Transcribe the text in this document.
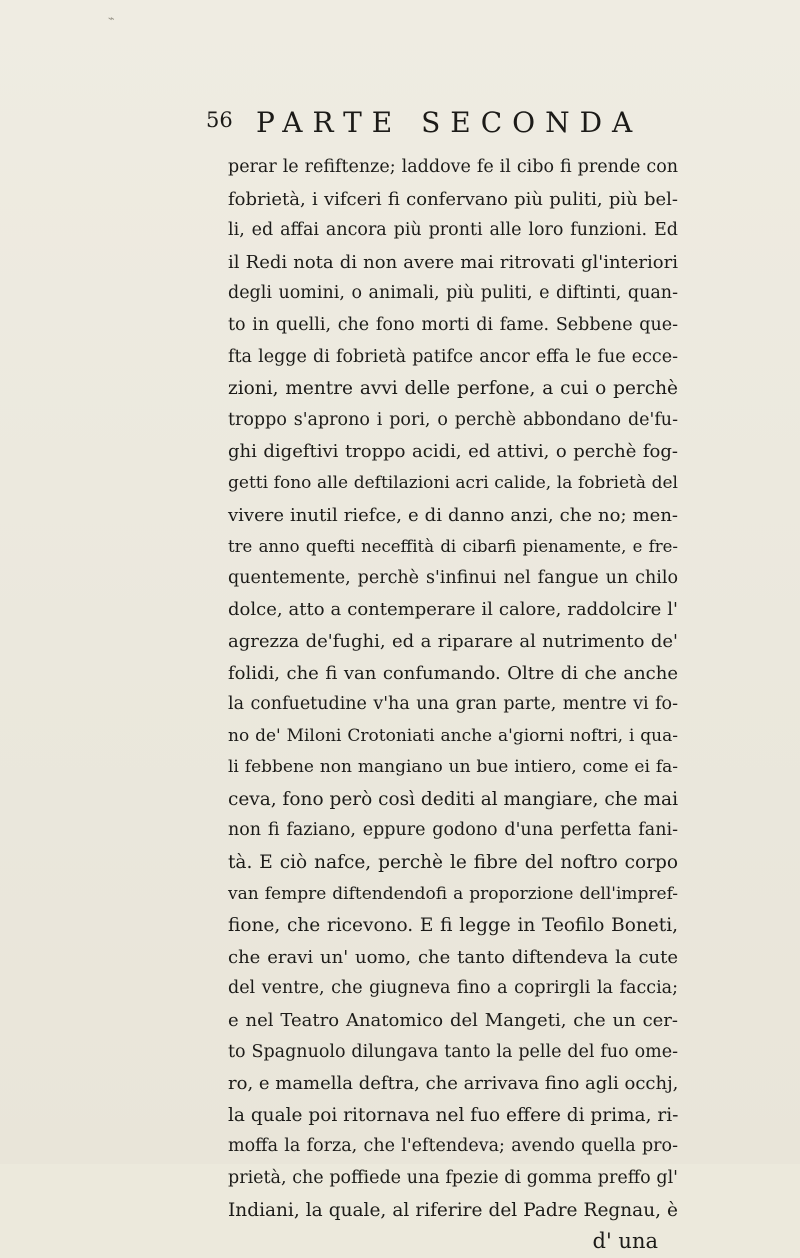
⌁
56 PARTE SECONDA
perar le refiftenze; laddove fe il cibo fi prende con
fobrietà, i vifceri fi confervano più puliti, più bel-
li, ed affai ancora più pronti alle loro funzioni. Ed
il Redi nota di non avere mai ritrovati gl'interiori
degli uomini, o animali, più puliti, e diftinti, quan-
to in quelli, che fono morti di fame. Sebbene que-
fta legge di fobrietà patifce ancor effa le fue ecce-
zioni, mentre avvi delle perfone, a cui o perchè
troppo s'aprono i pori, o perchè abbondano de'fu-
ghi digeftivi troppo acidi, ed attivi, o perchè fog-
getti fono alle deftilazioni acri calide, la fobrietà del
vivere inutil riefce, e di danno anzi, che no; men-
tre anno quefti neceffità di cibarfi pienamente, e fre-
quentemente, perchè s'infinui nel fangue un chilo
dolce, atto a contemperare il calore, raddolcire l'
agrezza de'fughi, ed a riparare al nutrimento de'
folidi, che fi van confumando. Oltre di che anche
la confuetudine v'ha una gran parte, mentre vi fo-
no de' Miloni Crotoniati anche a'giorni noftri, i qua-
li febbene non mangiano un bue intiero, come ei fa-
ceva, fono però così dediti al mangiare, che mai
non fi faziano, eppure godono d'una perfetta fani-
tà. E ciò nafce, perchè le fibre del noftro corpo
van fempre diftendendofi a proporzione dell'impref-
fione, che ricevono. E fi legge in Teofilo Boneti,
che eravi un' uomo, che tanto diftendeva la cute
del ventre, che giugneva fino a coprirgli la faccia;
e nel Teatro Anatomico del Mangeti, che un cer-
to Spagnuolo dilungava tanto la pelle del fuo ome-
ro, e mamella deftra, che arrivava fino agli occhj,
la quale poi ritornava nel fuo effere di prima, ri-
moffa la forza, che l'eftendeva; avendo quella pro-
prietà, che poffiede una fpezie di gomma preffo gl'
Indiani, la quale, al riferire del Padre Regnau, è
d' una
